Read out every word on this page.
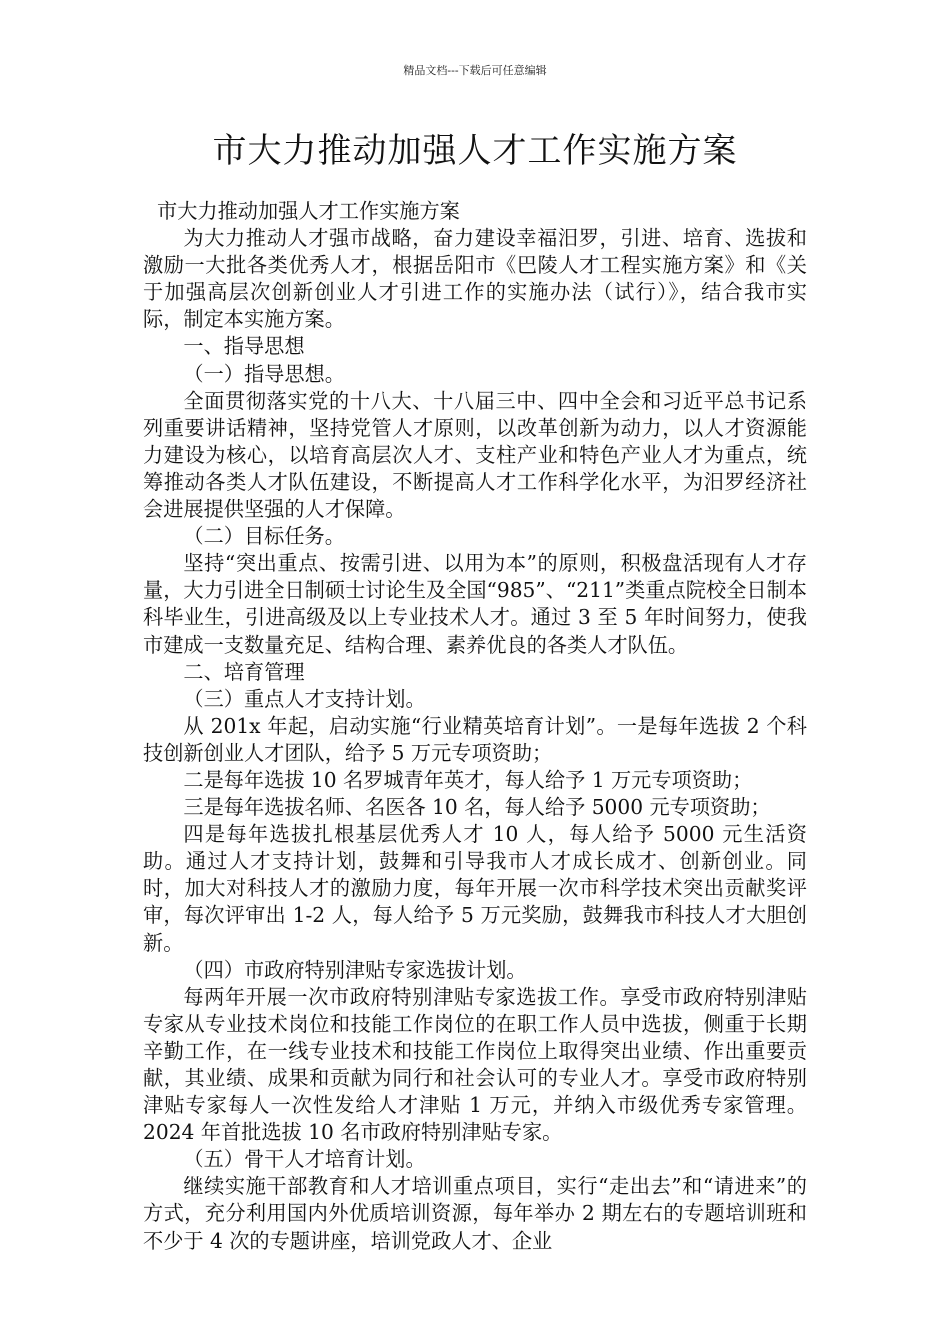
精品文档---下载后可任意编辑
市大力推动加强人才工作实施方案

市大力推动加强人才工作实施方案

为大力推动人才强市战略，奋力建设幸福汨罗，引进、培育、选拔和激励一大批各类优秀人才，根据岳阳市《巴陵人才工程实施方案》和《关于加强高层次创新创业人才引进工作的实施办法（试行）》，结合我市实际，制定本实施方案。

一、指导思想

（一）指导思想。

全面贯彻落实党的十八大、十八届三中、四中全会和习近平总书记系列重要讲话精神，坚持党管人才原则，以改革创新为动力，以人才资源能力建设为核心，以培育高层次人才、支柱产业和特色产业人才为重点，统筹推动各类人才队伍建设，不断提高人才工作科学化水平，为汨罗经济社会进展提供坚强的人才保障。

（二）目标任务。

坚持“突出重点、按需引进、以用为本”的原则，积极盘活现有人才存量，大力引进全日制硕士讨论生及全国“985”、“211”类重点院校全日制本科毕业生，引进高级及以上专业技术人才。通过 3 至 5 年时间努力，使我市建成一支数量充足、结构合理、素养优良的各类人才队伍。

二、培育管理

（三）重点人才支持计划。

从 201x 年起，启动实施“行业精英培育计划”。一是每年选拔 2 个科技创新创业人才团队，给予 5 万元专项资助；

二是每年选拔 10 名罗城青年英才，每人给予 1 万元专项资助；

三是每年选拔名师、名医各 10 名，每人给予 5000 元专项资助；

四是每年选拔扎根基层优秀人才 10 人，每人给予 5000 元生活资助。通过人才支持计划，鼓舞和引导我市人才成长成才、创新创业。同时，加大对科技人才的激励力度，每年开展一次市科学技术突出贡献奖评审，每次评审出 1-2 人，每人给予 5 万元奖励，鼓舞我市科技人才大胆创新。

（四）市政府特别津贴专家选拔计划。

每两年开展一次市政府特别津贴专家选拔工作。享受市政府特别津贴专家从专业技术岗位和技能工作岗位的在职工作人员中选拔，侧重于长期辛勤工作，在一线专业技术和技能工作岗位上取得突出业绩、作出重要贡献，其业绩、成果和贡献为同行和社会认可的专业人才。享受市政府特别津贴专家每人一次性发给人才津贴 1 万元，并纳入市级优秀专家管理。2024 年首批选拔 10 名市政府特别津贴专家。

（五）骨干人才培育计划。

继续实施干部教育和人才培训重点项目，实行“走出去”和“请进来”的方式，充分利用国内外优质培训资源，每年举办 2 期左右的专题培训班和不少于 4 次的专题讲座，培训党政人才、企业
